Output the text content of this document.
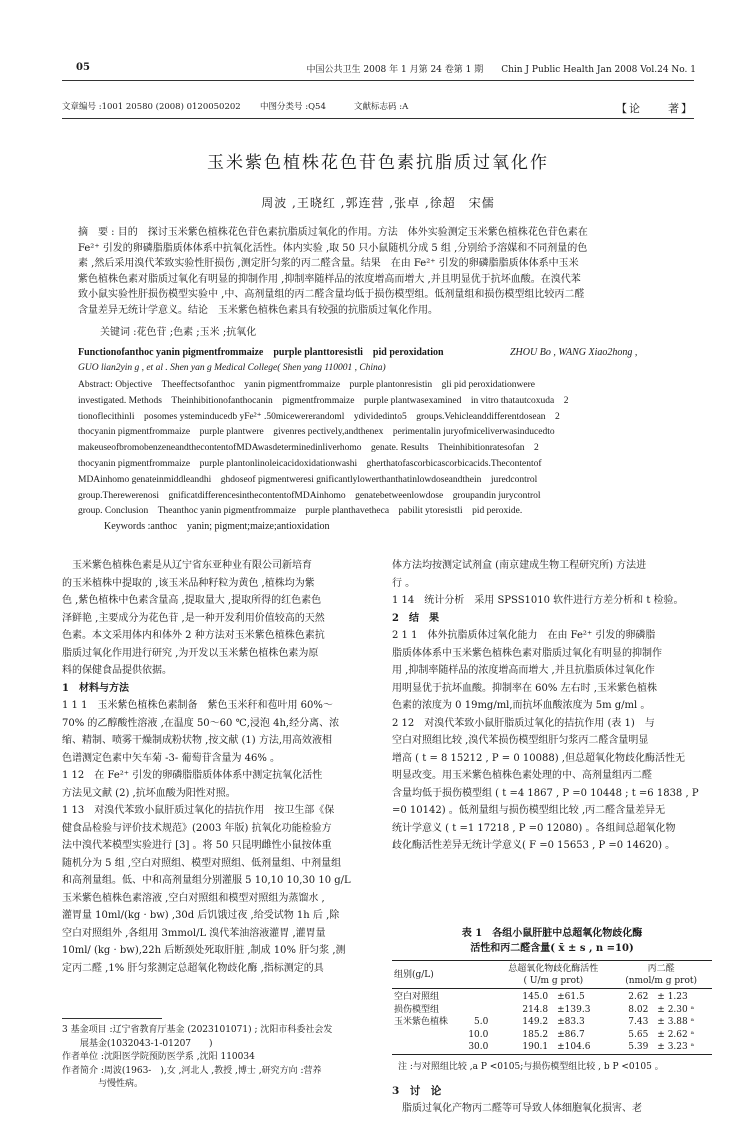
05	中国公共卫生 2008 年 1 月第 24 卷第 1 期　　Chin J Public Health Jan 2008 Vol.24 No. 1
文章编号 :1001 20580 (2008) 0120050202 中图分类号 :Q54	文献标志码 :A	【论　　著】
玉米紫色植株花色苷色素抗脂质过氧化作
周波 ,王晓红 ,郭连营 ,张卓 ,徐超　宋儒
摘　要 : 目的　探讨玉米紫色植株花色苷色素抗脂质过氧化的作用。方法　体外实验测定玉米紫色植株花色苷色素在
Fe²⁺ 引发的卵磷脂脂质体体系中抗氧化活性。体内实验 ,取 50 只小鼠随机分成 5 组 ,分别给予溶媒和不同剂量的色
素 ,然后采用溴代苯致实验性肝损伤 ,测定肝匀浆的丙二醛含量。结果　在由 Fe²⁺ 引发的卵磷脂脂质体体系中玉米
紫色植株色素对脂质过氧化有明显的抑制作用 ,抑制率随样品的浓度增高而增大 ,并且明显优于抗坏血酸。在溴代苯
致小鼠实验性肝损伤模型实验中 ,中、高剂量组的丙二醛含量均低于损伤模型组。低剂量组和损伤模型组比较丙二醛
含量差异无统计学意义。结论　玉米紫色植株色素具有较强的抗脂质过氧化作用。
关键词 :花色苷 ;色素 ;玉米 ;抗氧化
Functionofanthoc yanin pigmentfrommaize　purple planttoresistli　pid peroxidation	ZHOU Bo , WANG Xiao2hong ,
GUO lian2yin g , et al . Shen yan g Medical College( Shen yang 110001 , China)
Abstract: Objective　Theeffectsofanthoc　yanin pigmentfrommaize　purple plantonresistin　gli pid peroxidationwere
investigated. Methods　Theinhibitionofanthocanin　pigmentfrommaize　purple plantwasexamined　in vitro thatautcoxuda　2
tionoflecithinli　posomes ysteminducedb yFe²⁺ .50micewererandoml　ydividedinto5　groups.Vehicleanddifferentdosean　2
thocyanin pigmentfrommaize　purple plantwere　givenres pectively,andthenex　perimentalin juryofmiceliverwasinducedto
makeuseofbromobenzeneandthecontentofMDAwasdeterminedinliverhomo　genate. Results　Theinhibitionratesofan　2
thocyanin pigmentfrommaize　purple plantonlinoleicacidoxidationwashi　gherthatofascorbicascorbicacids.Thecontentof
MDAinhomo genateinmiddleandhi　ghdoseof pigmentweresi gnificantlylowerthanthatinlowdoseandthein　juredcontrol
group.Therewerenosi　gnificatdifferencesinthecontentofMDAinhomo　genatebetweenlowdose　groupandin jurycontrol
group. Conclusion　Theanthoc yanin pigmentfrommaize　purple planthavetheca　pabilit ytoresistli　pid peroxide.
Keywords :anthoc　yanin; pigment;maize;antioxidation

　玉米紫色植株色素是从辽宁省东亚种业有限公司新培育

的玉米植株中提取的 ,该玉米品种籽粒为黄色 ,植株均为紫

色 ,紫色植株中色素含量高 ,提取量大 ,提取所得的红色素色

泽鲜艳 ,主要成分为花色苷 ,是一种开发利用价值较高的天然

色素。本文采用体内和体外 2 种方法对玉米紫色植株色素抗

脂质过氧化作用进行研究 ,为开发以玉米紫色植株色素为原

料的保健食品提供依据。

1　材料与方法

1 1 1　玉米紫色植株色素制备　紫色玉米秆和苞叶用 60%～

70% 的乙醇酸性溶液 ,在温度 50～60 ℃,浸泡 4h,经分离、浓

缩、精制、喷雾干燥制成粉状物 ,按文献 (1) 方法,用高效液相

色谱测定色素中矢车菊 -3- 葡萄苷含量为 46% 。

1 12　在 Fe²⁺ 引发的卵磷脂脂质体体系中测定抗氧化活性

方法见文献 (2) ,抗坏血酸为阳性对照。

1 13　对溴代苯致小鼠肝质过氧化的拮抗作用　按卫生部《保

健食品检验与评价技术规范》(2003 年版) 抗氧化功能检验方

法中溴代苯模型实验进行 [3] 。将 50 只昆明雌性小鼠按体重

随机分为 5 组 ,空白对照组、模型对照组、低剂量组、中剂量组

和高剂量组。低、中和高剂量组分别灌服 5 10,10 10,30 10 g/L

玉米紫色植株色素溶液 ,空白对照组和模型对照组为蒸馏水 ,

灌胃量 10ml/(kg · bw) ,30d 后饥饿过夜 ,给受试物 1h 后 ,除

空白对照组外 ,各组用 3mmol/L 溴代苯油溶液灌胃 ,灌胃量

10ml/ (kg · bw),22h 后断颈处死取肝脏 ,制成 10% 肝匀浆 ,测

定丙二醛 ,1% 肝匀浆测定总超氧化物歧化酶 ,指标测定的具

体方法均按测定试剂盒 (南京建成生物工程研究所) 方法进

行 。

1 14　统计分析　采用 SPSS1010 软件进行方差分析和 t 检验。

2　结　果

2 1 1　体外抗脂质体过氧化能力　在由 Fe²⁺ 引发的卵磷脂

脂质体体系中玉米紫色植株色素对脂质过氧化有明显的抑制作

用 ,抑制率随样品的浓度增高而增大 ,并且抗脂质体过氧化作

用明显优于抗坏血酸。抑制率在 60% 左右时 ,玉米紫色植株

色素的浓度为 0 19mg/ml,而抗坏血酸浓度为 5m g/ml 。

2 12　对溴代苯致小鼠肝脂质过氧化的拮抗作用 (表 1)　与

空白对照组比较 ,溴代苯损伤模型组肝匀浆丙二醛含量明显

增高 ( t = 8 15212 , P = 0 10088) ,但总超氧化物歧化酶活性无

明显改变。用玉米紫色植株色素处理的中、高剂量组丙二醛

含量均低于损伤模型组 ( t =4 1867 , P =0 10448 ; t =6 1838 , P

=0 10142) 。低剂量组与损伤模型组比较 ,丙二醛含量差异无

统计学意义 ( t =1 17218 , P =0 12080) 。各组间总超氧化物

歧化酶活性差异无统计学意义( F =0 15653 , P =0 14620) 。

表 1　各组小鼠肝脏中总超氧化物歧化酶
活性和丙二醛含量( x̄ ± s , n =10)

组别(g/L)		总超氧化物歧化酶活性	丙二醛
		( U/m g prot)	(nmol/m g prot)

空白对照组		145.0　±61.5	2.62　± 1.23
损伤模型组		214.8　±139.3	8.02　± 2.30 ᵃ
玉米紫色植株	5.0	149.2　±83.3	7.43　± 3.88 ᵃ
	10.0	185.2　±86.7	5.65　± 2.62 ᵃ
	30.0	190.1　±104.6	5.39　± 3.23 ᵃ

注 :与对照组比较 ,a P <0105;与损伤模型组比较 , b P <0105 。
3　讨　论
　脂质过氧化产物丙二醛等可导致人体细胞氧化损害、老
3 基金项目 :辽宁省教育厅基金 (2023101071) ; 沈阳市科委社会发
　　展基金(1032043-1-01207　　)
作者单位 :沈阳医学院预防医学系 ,沈阳 110034
作者简介 :周波(1963-　),女 ,河北人 ,教授 ,博士 ,研究方向 :营养
　　　　与慢性病。
